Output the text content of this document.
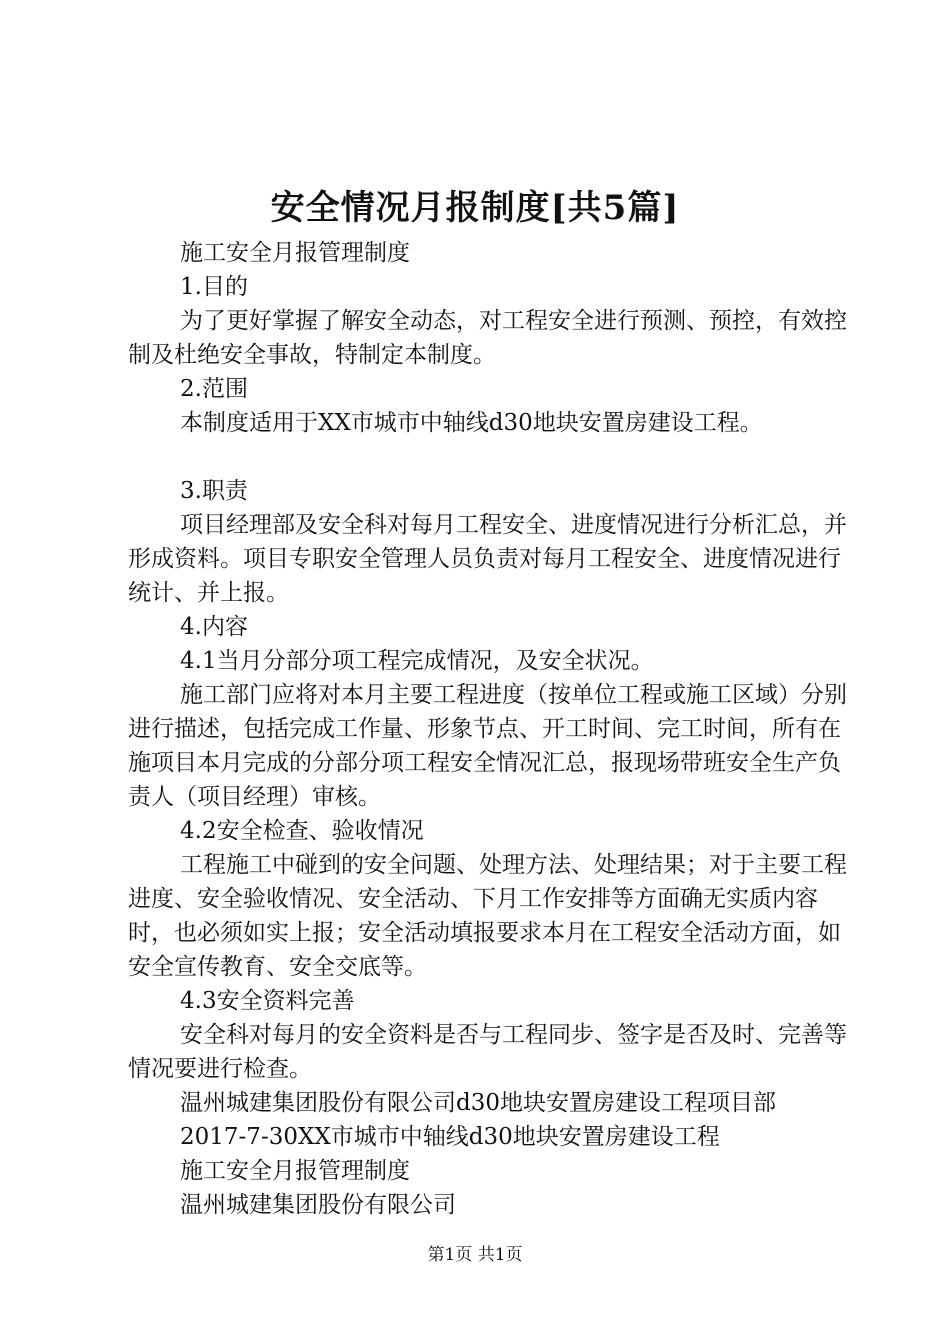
安全情况月报制度[共5篇]

施工安全月报管理制度

1.目的

为了更好掌握了解安全动态，对工程安全进行预测、预控，有效控制及杜绝安全事故，特制定本制度。

2.范围

本制度适用于XX市城市中轴线d30地块安置房建设工程。

3.职责

项目经理部及安全科对每月工程安全、进度情况进行分析汇总，并形成资料。项目专职安全管理人员负责对每月工程安全、进度情况进行统计、并上报。

4.内容

4.1当月分部分项工程完成情况，及安全状况。

施工部门应将对本月主要工程进度（按单位工程或施工区域）分别进行描述，包括完成工作量、形象节点、开工时间、完工时间，所有在施项目本月完成的分部分项工程安全情况汇总，报现场带班安全生产负责人（项目经理）审核。

4.2安全检查、验收情况

工程施工中碰到的安全问题、处理方法、处理结果；对于主要工程进度、安全验收情况、安全活动、下月工作安排等方面确无实质内容时，也必须如实上报；安全活动填报要求本月在工程安全活动方面，如安全宣传教育、安全交底等。

4.3安全资料完善

安全科对每月的安全资料是否与工程同步、签字是否及时、完善等情况要进行检查。

温州城建集团股份有限公司d30地块安置房建设工程项目部

2017-7-30XX市城市中轴线d30地块安置房建设工程

施工安全月报管理制度

温州城建集团股份有限公司

第1页 共1页
